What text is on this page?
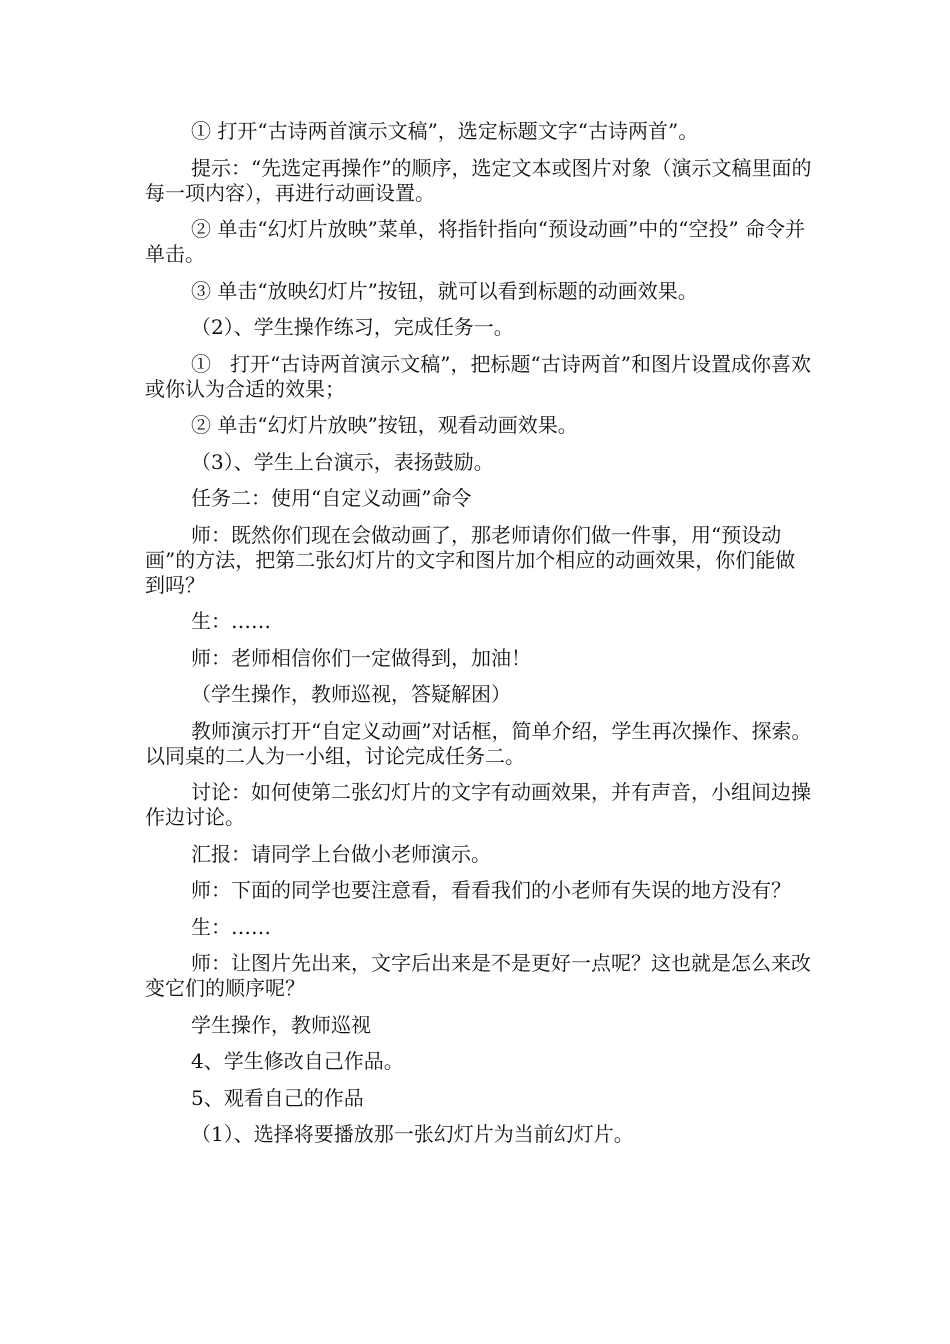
① 打开“古诗两首演示文稿”，选定标题文字“古诗两首”。

提示：“先选定再操作”的顺序，选定文本或图片对象（演示文稿里面的每一项内容），再进行动画设置。

② 单击“幻灯片放映”菜单，将指针指向“预设动画”中的“空投” 命令并单击。

③ 单击“放映幻灯片”按钮，就可以看到标题的动画效果。

（2）、学生操作练习，完成任务一。

①   打开“古诗两首演示文稿”，把标题“古诗两首”和图片设置成你喜欢或你认为合适的效果；

② 单击“幻灯片放映”按钮，观看动画效果。

（3）、学生上台演示，表扬鼓励。

任务二：使用“自定义动画”命令

师：既然你们现在会做动画了，那老师请你们做一件事，用“预设动画”的方法，把第二张幻灯片的文字和图片加个相应的动画效果，你们能做到吗？

生：……

师：老师相信你们一定做得到，加油！

（学生操作，教师巡视，答疑解困）

教师演示打开“自定义动画”对话框，简单介绍，学生再次操作、探索。以同桌的二人为一小组，讨论完成任务二。

讨论：如何使第二张幻灯片的文字有动画效果，并有声音，小组间边操作边讨论。

汇报：请同学上台做小老师演示。

师：下面的同学也要注意看，看看我们的小老师有失误的地方没有？

生：……

师：让图片先出来，文字后出来是不是更好一点呢？这也就是怎么来改变它们的顺序呢？

学生操作，教师巡视

4、学生修改自己作品。

5、观看自己的作品

（1）、选择将要播放那一张幻灯片为当前幻灯片。
